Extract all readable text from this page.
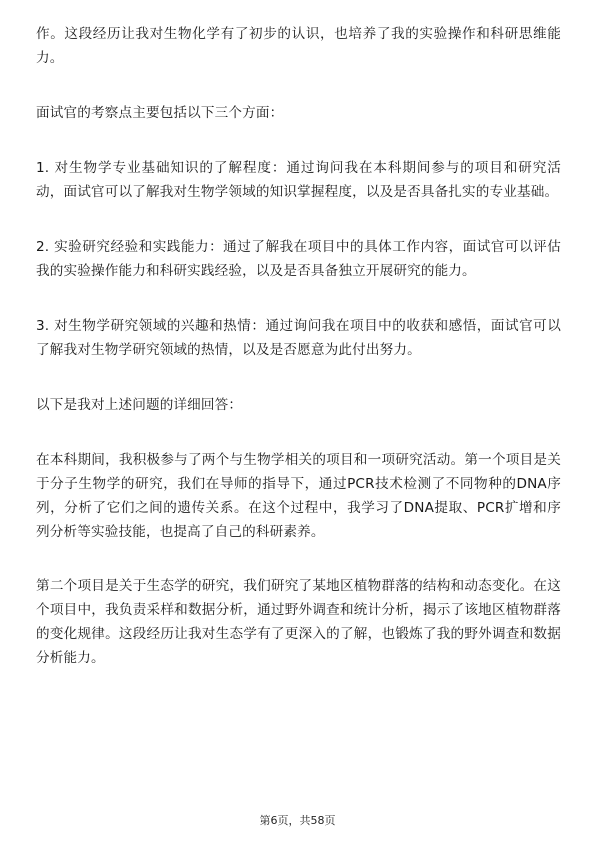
作。这段经历让我对生物化学有了初步的认识，也培养了我的实验操作和科研思维能力。

面试官的考察点主要包括以下三个方面：

1. 对生物学专业基础知识的了解程度：通过询问我在本科期间参与的项目和研究活动，面试官可以了解我对生物学领域的知识掌握程度，以及是否具备扎实的专业基础。

2. 实验研究经验和实践能力：通过了解我在项目中的具体工作内容，面试官可以评估我的实验操作能力和科研实践经验，以及是否具备独立开展研究的能力。

3. 对生物学研究领域的兴趣和热情：通过询问我在项目中的收获和感悟，面试官可以了解我对生物学研究领域的热情，以及是否愿意为此付出努力。

以下是我对上述问题的详细回答：

在本科期间，我积极参与了两个与生物学相关的项目和一项研究活动。第一个项目是关于分子生物学的研究，我们在导师的指导下，通过PCR技术检测了不同物种的DNA序列，分析了它们之间的遗传关系。在这个过程中，我学习了DNA提取、PCR扩增和序列分析等实验技能，也提高了自己的科研素养。

第二个项目是关于生态学的研究，我们研究了某地区植物群落的结构和动态变化。在这个项目中，我负责采样和数据分析，通过野外调查和统计分析，揭示了该地区植物群落的变化规律。这段经历让我对生态学有了更深入的了解，也锻炼了我的野外调查和数据分析能力。

第6页，共58页
